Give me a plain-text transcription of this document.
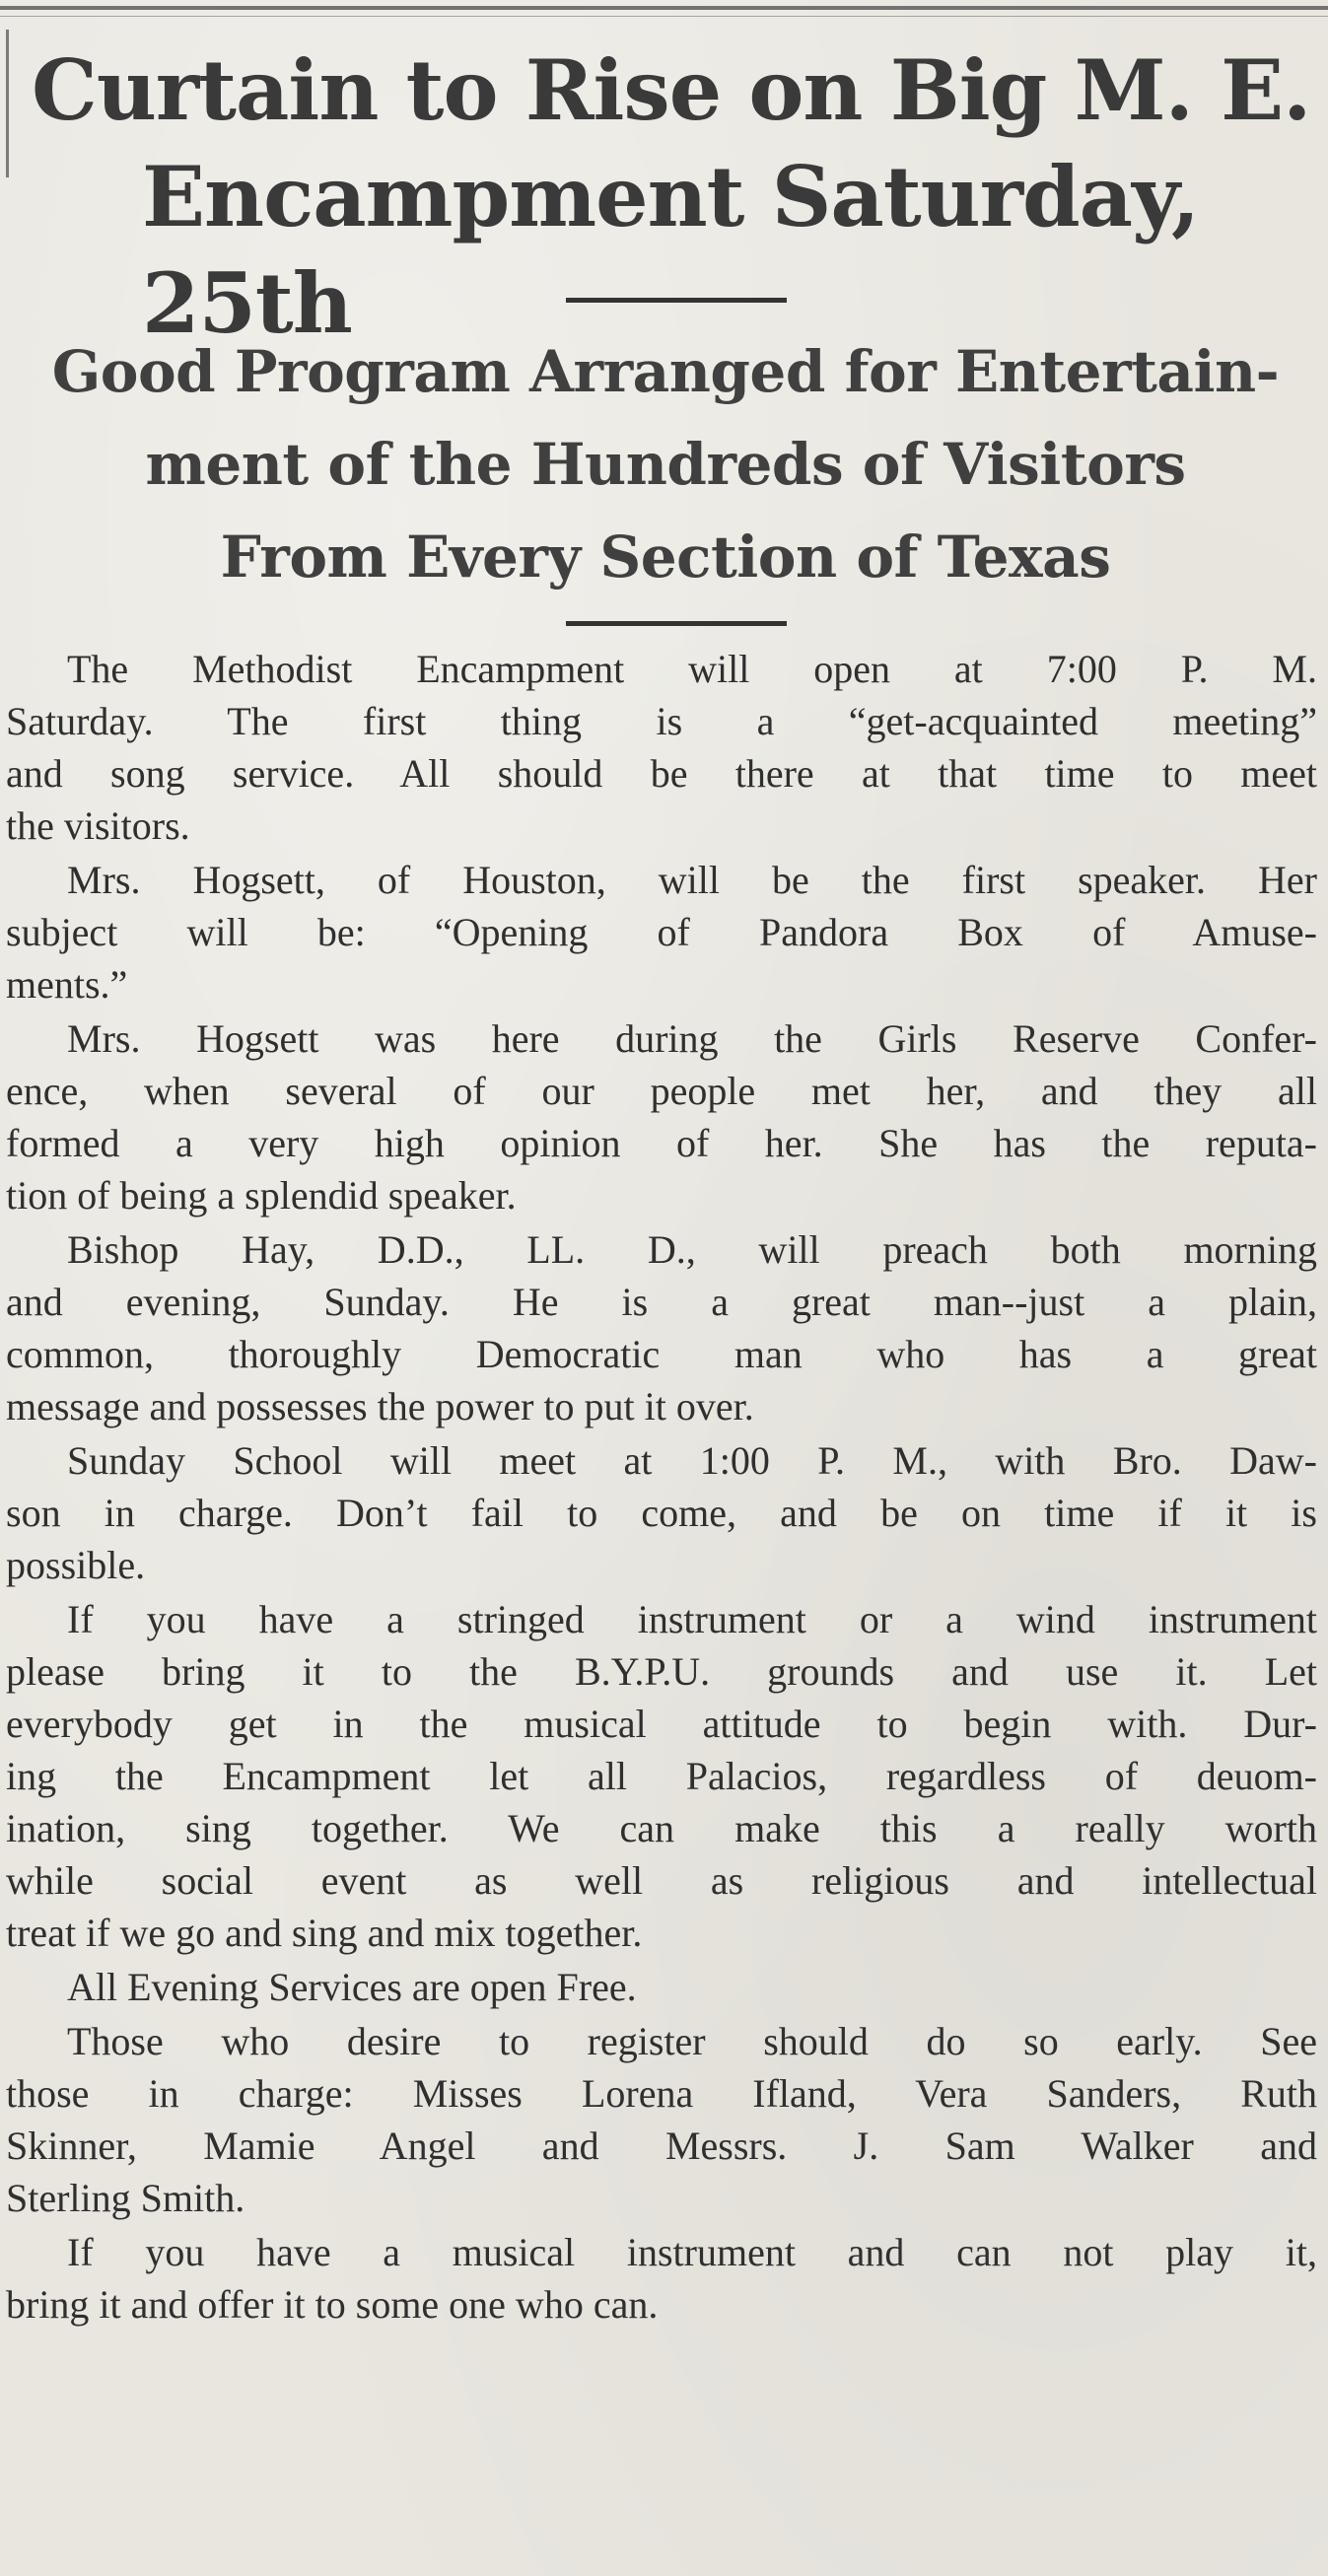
Curtain to Rise on Big M. E.
Encampment Saturday, 25th
Good Program Arranged for Entertain-
ment of the Hundreds of Visitors
From Every Section of Texas
The Methodist Encampment will open at 7:00 P. M.
Saturday. The first thing is a “get-acquainted meeting”
and song service. All should be there at that time to meet
the visitors.
Mrs. Hogsett, of Houston, will be the first speaker. Her
subject will be: “Opening of Pandora Box of Amuse-
ments.”
Mrs. Hogsett was here during the Girls Reserve Confer-
ence, when several of our people met her, and they all
formed a very high opinion of her. She has the reputa-
tion of being a splendid speaker.
Bishop Hay, D.D., LL. D., will preach both morning
and evening, Sunday. He is a great man--just a plain,
common, thoroughly Democratic man who has a great
message and possesses the power to put it over.
Sunday School will meet at 1:00 P. M., with Bro. Daw-
son in charge. Don’t fail to come, and be on time if it is
possible.
If you have a stringed instrument or a wind instrument
please bring it to the B.Y.P.U. grounds and use it. Let
everybody get in the musical attitude to begin with. Dur-
ing the Encampment let all Palacios, regardless of deuom-
ination, sing together. We can make this a really worth
while social event as well as religious and intellectual
treat if we go and sing and mix together.
All Evening Services are open Free.
Those who desire to register should do so early. See
those in charge: Misses Lorena Ifland, Vera Sanders, Ruth
Skinner, Mamie Angel and Messrs. J. Sam Walker and
Sterling Smith.
If you have a musical instrument and can not play it,
bring it and offer it to some one who can.
